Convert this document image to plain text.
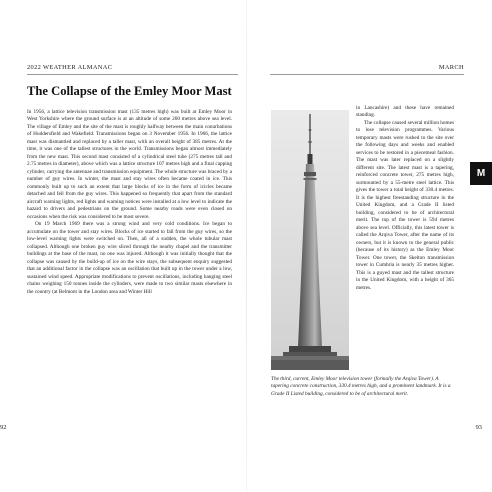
2022 WEATHER ALMANAC	MARCH
The Collapse of the Emley Moor Mast

In 1956, a lattice television transmission mast (135 metres high) was built at Emley Moor in West Yorkshire where the ground surface is at an altitude of some 260 metres above sea level. The village of Emley and the site of the mast is roughly halfway between the main conurbations of Huddersfield and Wakefield. Transmissions began on 3 November 1956. In 1966, the lattice mast was dismantled and replaced by a taller mast, with an overall height of 385 metres. At the time, it was one of the tallest structures in the world. Transmissions began almost immediately from the new mast. This second mast consisted of a cylindrical steel tube (275 metres tall and 2.75 metres in diameter), above which was a lattice structure 107 metres high and a final capping cylinder, carrying the antennae and transmission equipment. The whole structure was braced by a number of guy wires. In winter, the mast and stay wires often became coated in ice. This commonly built up to such an extent that large blocks of ice in the form of icicles became detached and fell from the guy wires. This happened so frequently that apart from the standard aircraft warning lights, red lights and warning notices were installed at a low level to indicate the hazard to drivers and pedestrians on the ground. Some nearby roads were even closed on occasions when the risk was considered to be most severe.

On 19 March 1969 there was a strong wind and very cold conditions. Ice began to accumulate on the tower and stay wires. Blocks of ice started to fall from the guy wires, so the low-level warning lights were switched on. Then, all of a sudden, the whole tubular mast collapsed. Although one broken guy wire sliced through the nearby chapel and the transmitter buildings at the base of the mast, no one was injured. Although it was initially thought that the collapse was caused by the build-up of ice on the wire stays, the subsequent enquiry suggested that an additional factor in the collapse was an oscillation that built up in the tower under a low, sustained wind speed. Appropriate modifications to prevent oscillations, including hanging steel chains weighing 150 tonnes inside the cylinders, were made to two similar masts elsewhere in the country (at Belmont in the London area and Winter Hill

in Lancashire) and these have remained standing.

The collapse caused several million homes to lose television programmes. Various temporary masts were rushed to the site over the following days and weeks and enabled services to be restored in a piecemeal fashion. The mast was later replaced on a slightly different site. The latest mast is a tapering, reinforced concrete tower, 275 metres high, surmounted by a 55-metre steel lattice. This gives the tower a total height of 330.4 metres. It is the highest freestanding structure in the United Kingdom, and a Grade II listed building, considered to be of architectural merit. The top of the tower is 594 metres above sea level. Officially, this latest tower is called the Arqiva Tower, after the name of its owners, but it is known to the general public (because of its history) as the Emley Moor Tower. One tower, the Skelton transmission tower in Cumbria is nearly 35 metres higher. This is a guyed mast and the tallest structure in the United Kingdom, with a height of 365 metres.

The third, current, Emley Moor television tower (formally the Arqiva Tower). A tapering concrete construction, 330.4 metres high, and a prominent landmark. It is a Grade II Listed building, considered to be of architectural merit.
M
92	93
